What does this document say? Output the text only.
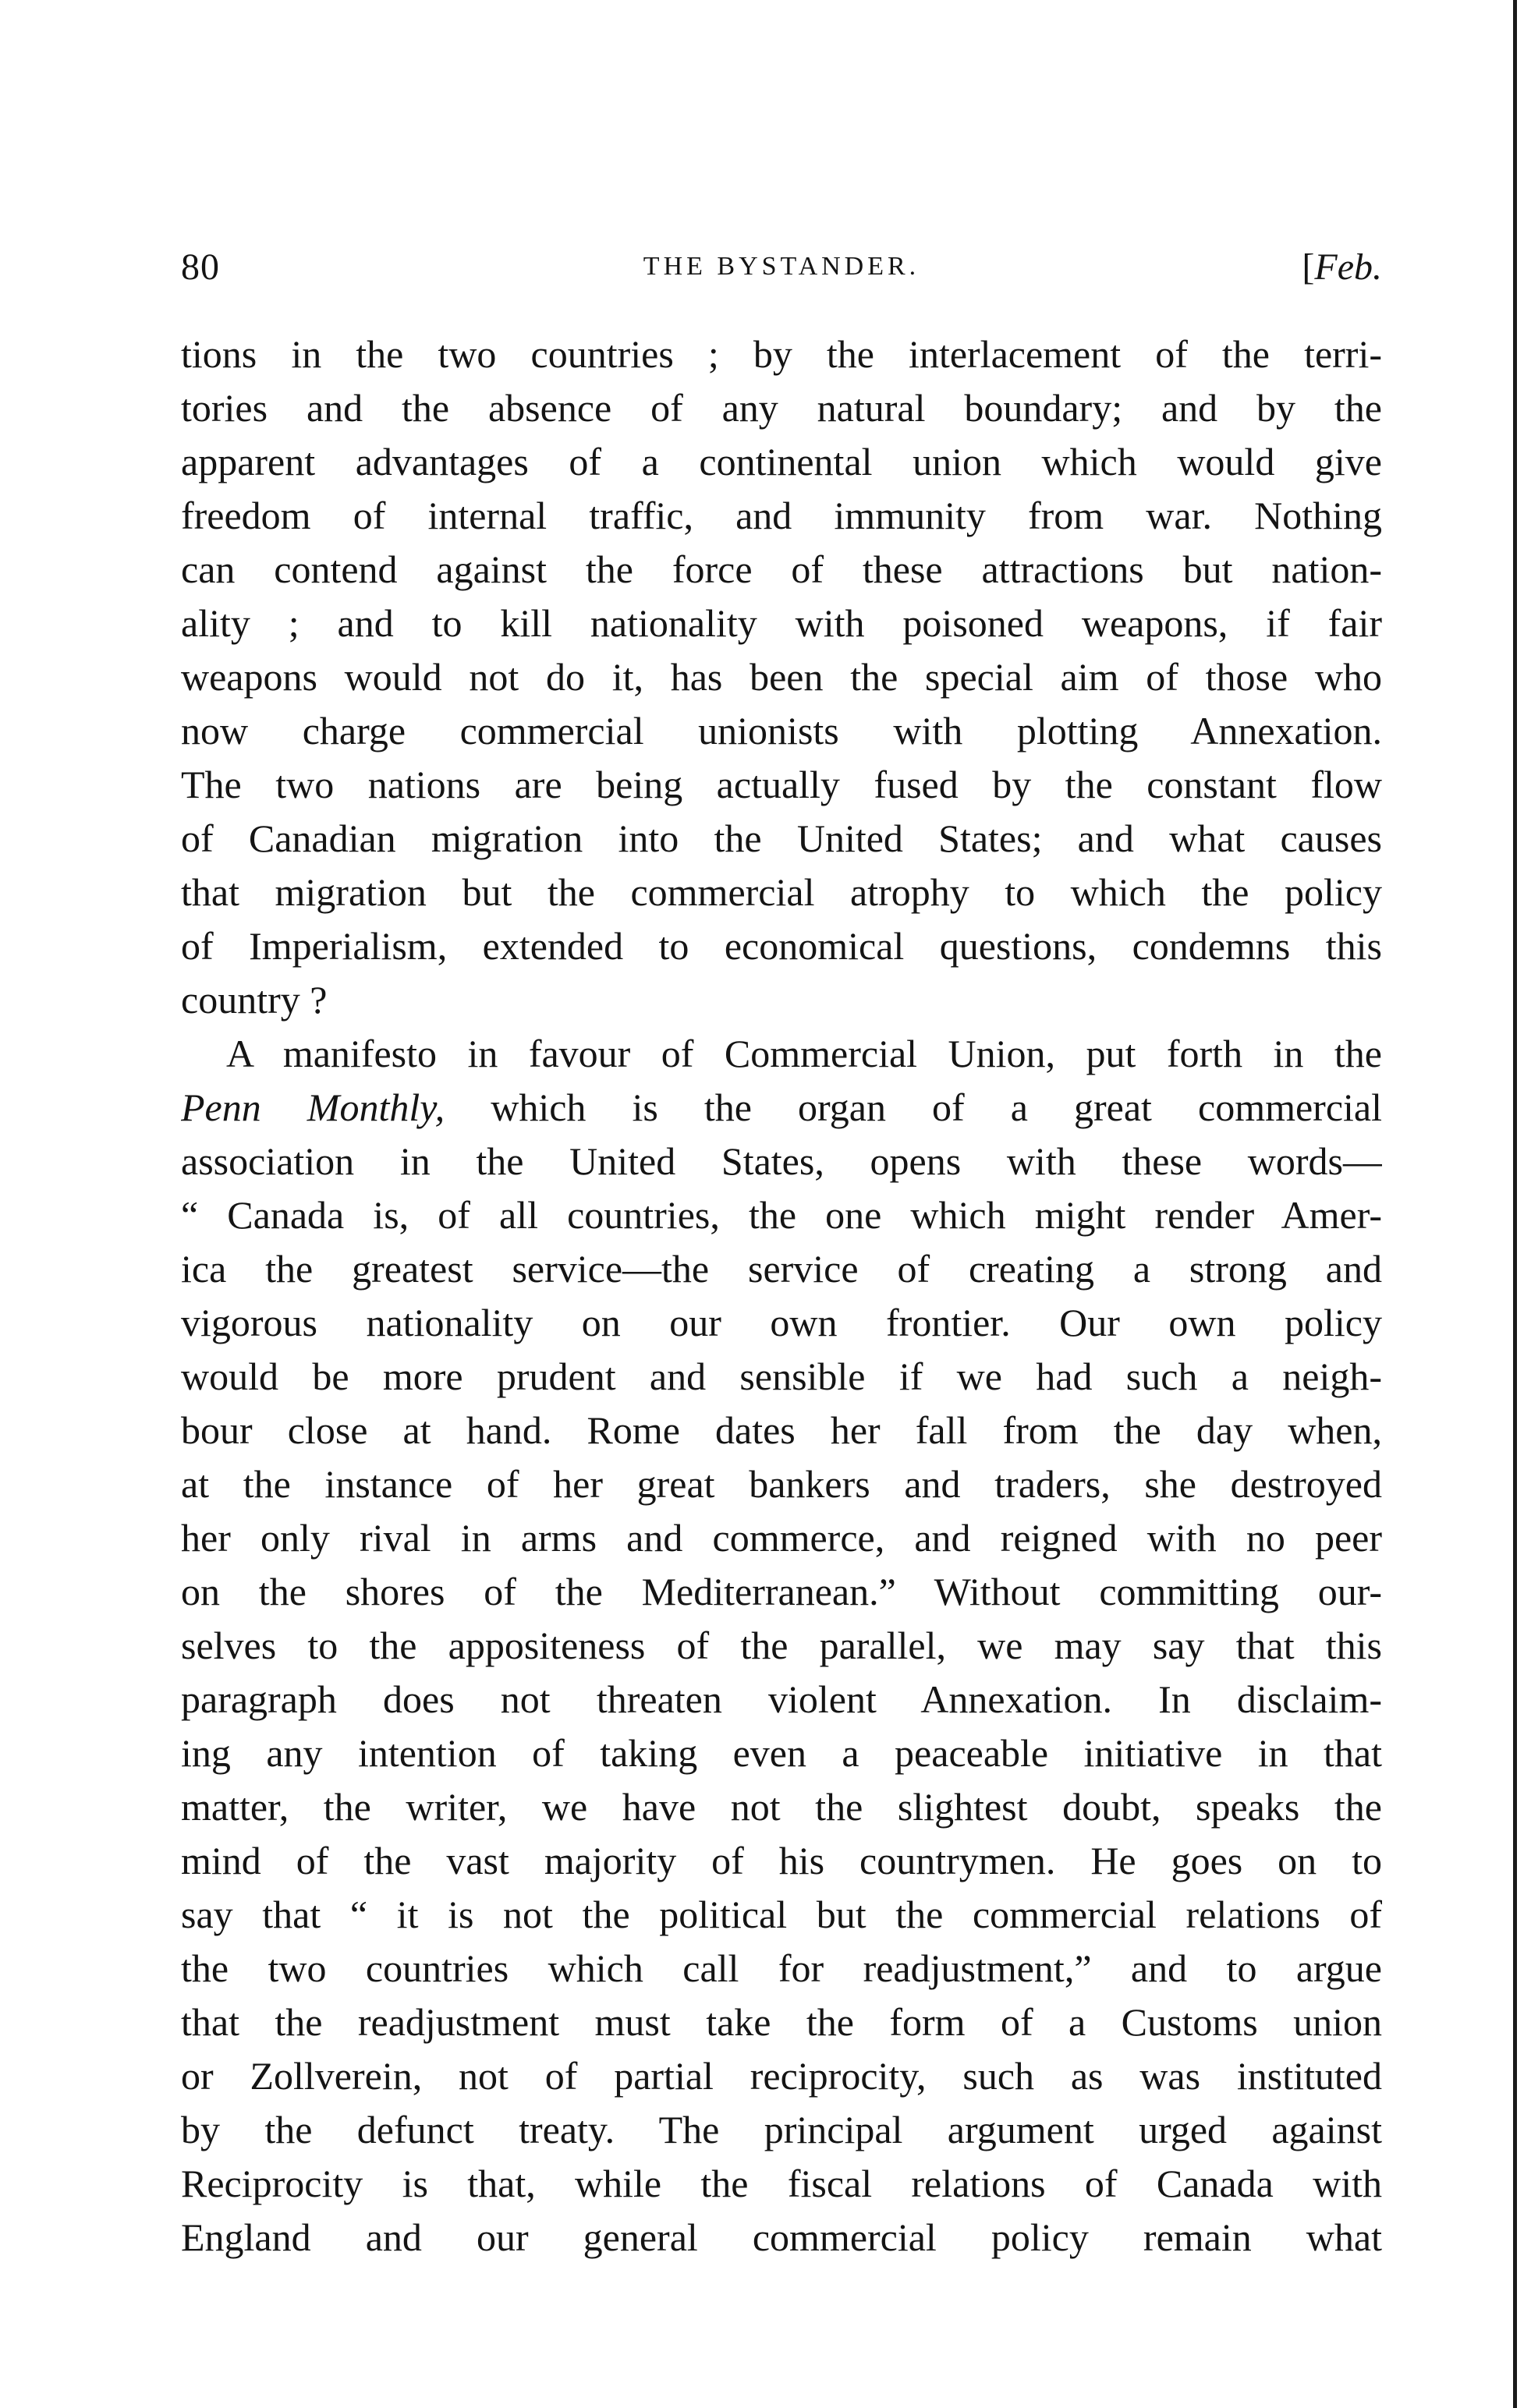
80	THE BYSTANDER.	[Feb.
tions in the two countries ; by the interlacement of the terri-
tories and the absence of any natural boundary; and by the
apparent advantages of a continental union which would give
freedom of internal traffic, and immunity from war. Nothing
can contend against the force of these attractions but nation-
ality ; and to kill nationality with poisoned weapons, if fair
weapons would not do it, has been the special aim of those who
now charge commercial unionists with plotting Annexation.
The two nations are being actually fused by the constant flow
of Canadian migration into the United States; and what causes
that migration but the commercial atrophy to which the policy
of Imperialism, extended to economical questions, condemns this
country ?
A manifesto in favour of Commercial Union, put forth in the
Penn Monthly, which is the organ of a great commercial
association in the United States, opens with these words—
“ Canada is, of all countries, the one which might render Amer-
ica the greatest service—the service of creating a strong and
vigorous nationality on our own frontier. Our own policy
would be more prudent and sensible if we had such a neigh-
bour close at hand. Rome dates her fall from the day when,
at the instance of her great bankers and traders, she destroyed
her only rival in arms and commerce, and reigned with no peer
on the shores of the Mediterranean.” Without committing our-
selves to the appositeness of the parallel, we may say that this
paragraph does not threaten violent Annexation. In disclaim-
ing any intention of taking even a peaceable initiative in that
matter, the writer, we have not the slightest doubt, speaks the
mind of the vast majority of his countrymen. He goes on to
say that “ it is not the political but the commercial relations of
the two countries which call for readjustment,” and to argue
that the readjustment must take the form of a Customs union
or Zollverein, not of partial reciprocity, such as was instituted
by the defunct treaty. The principal argument urged against
Reciprocity is that, while the fiscal relations of Canada with
England and our general commercial policy remain what
